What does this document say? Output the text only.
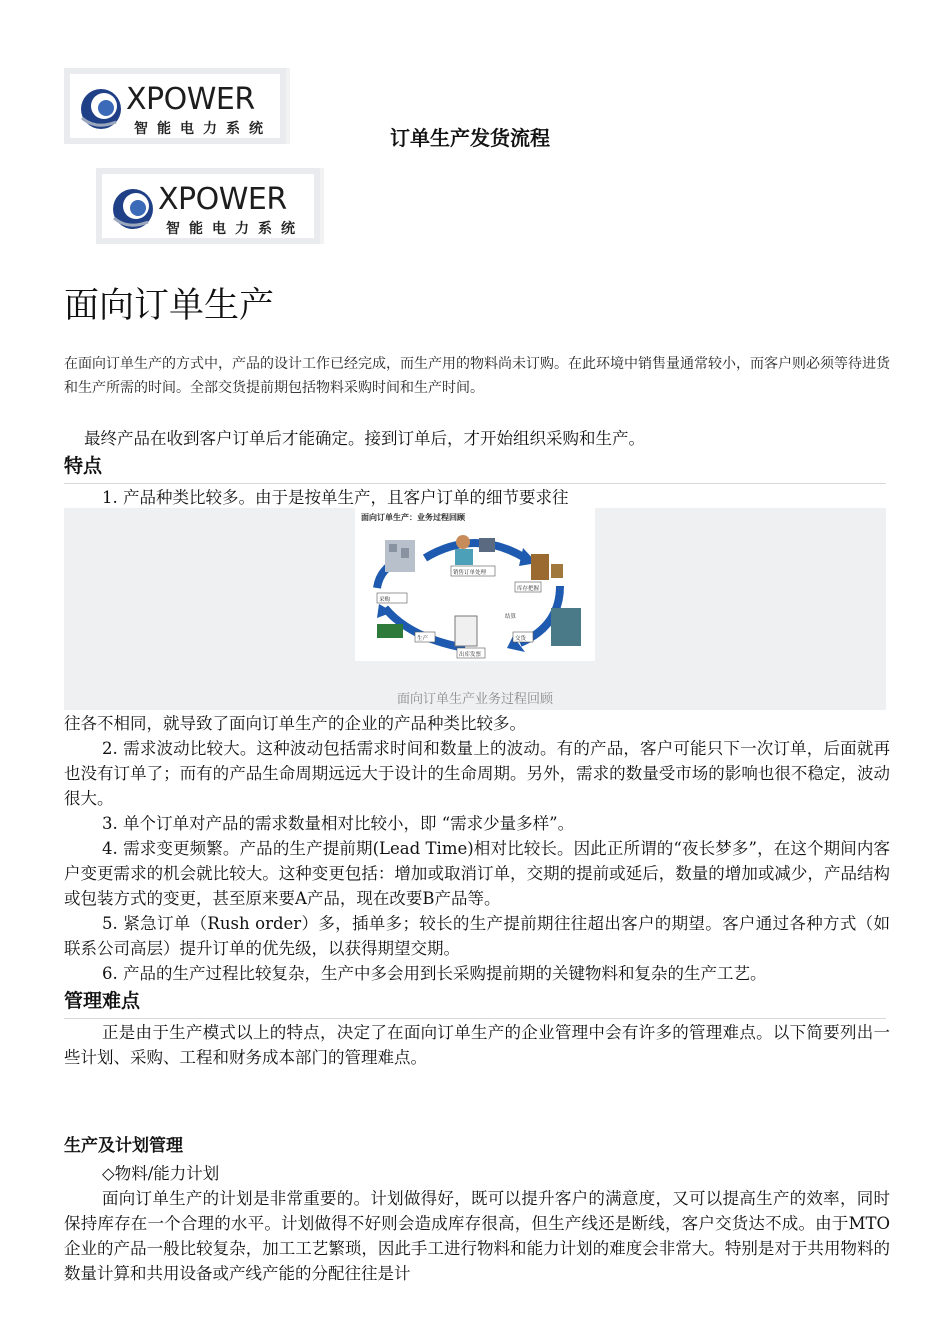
XPOWER
智能电力系统	订单生产发货流程
XPOWER
智能电力系统
面向订单生产
在面向订单生产的方式中，产品的设计工作已经完成，而生产用的物料尚未订购。在此环境中销售量通常较小，而客户则必须等待进货和生产所需的时间。全部交货提前期包括物料采购时间和生产时间。
最终产品在收到客户订单后才能确定。接到订单后，才开始组织采购和生产。
特点
1. 产品种类比较多。由于是按单生产，且客户订单的细节要求往
面向订单生产：业务过程回顾
销售订单处理
库存把握
采购
生产	交货
出库发票
结算
面向订单生产业务过程回顾

往各不相同，就导致了面向订单生产的企业的产品种类比较多。

2. 需求波动比较大。这种波动包括需求时间和数量上的波动。有的产品，客户可能只下一次订单，后面就再也没有订单了；而有的产品生命周期远远大于设计的生命周期。另外，需求的数量受市场的影响也很不稳定，波动很大。

3. 单个订单对产品的需求数量相对比较小，即 “需求少量多样”。

4. 需求变更频繁。产品的生产提前期(Lead Time)相对比较长。因此正所谓的“夜长梦多”，在这个期间内客户变更需求的机会就比较大。这种变更包括：增加或取消订单，交期的提前或延后，数量的增加或减少，产品结构或包装方式的变更，甚至原来要A产品，现在改要B产品等。

5. 紧急订单（Rush order）多，插单多；较长的生产提前期往往超出客户的期望。客户通过各种方式（如联系公司高层）提升订单的优先级，以获得期望交期。

6. 产品的生产过程比较复杂，生产中多会用到长采购提前期的关键物料和复杂的生产工艺。

管理难点

正是由于生产模式以上的特点，决定了在面向订单生产的企业管理中会有许多的管理难点。以下简要列出一些计划、采购、工程和财务成本部门的管理难点。

生产及计划管理
◇物料/能力计划

面向订单生产的计划是非常重要的。计划做得好，既可以提升客户的满意度，又可以提高生产的效率，同时保持库存在一个合理的水平。计划做得不好则会造成库存很高，但生产线还是断线，客户交货达不成。由于MTO企业的产品一般比较复杂，加工工艺繁琐，因此手工进行物料和能力计划的难度会非常大。特别是对于共用物料的数量计算和共用设备或产线产能的分配往往是计
